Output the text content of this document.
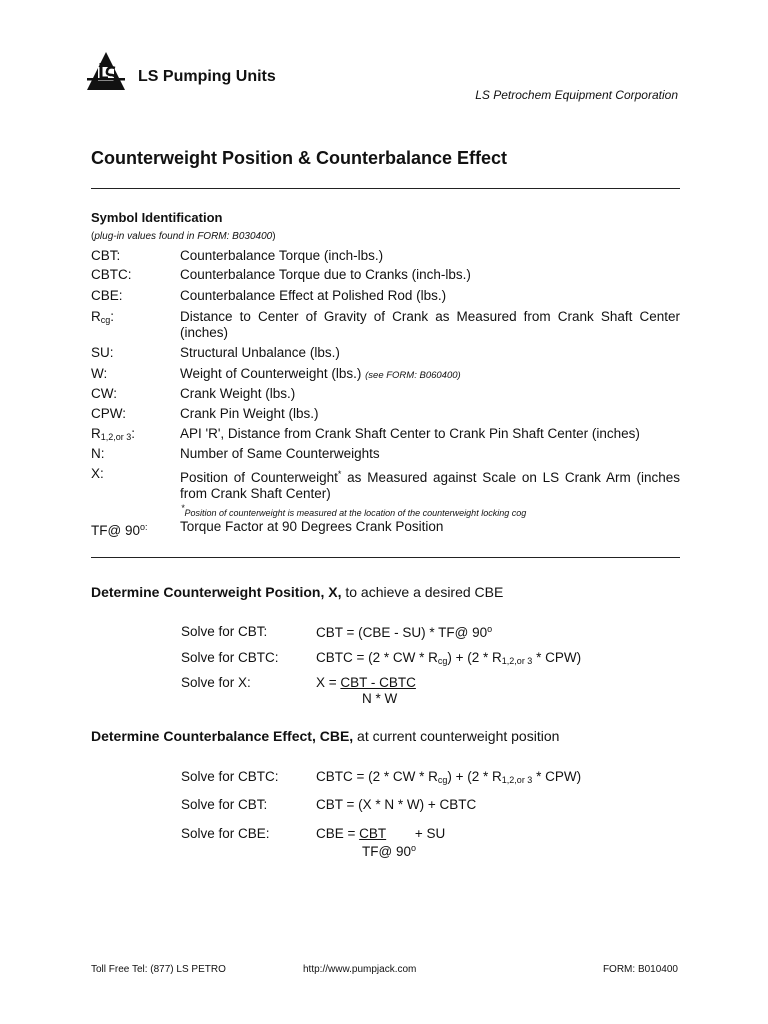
LS Pumping Units
LS Petrochem Equipment Corporation
Counterweight Position & Counterbalance Effect
Symbol Identification
(plug-in values found in FORM: B030400)
CBT:	Counterbalance Torque (inch-lbs.)
CBTC:	Counterbalance Torque due to Cranks (inch-lbs.)
CBE:	Counterbalance Effect at Polished Rod (lbs.)
$R_{cg}$:	Distance to Center of Gravity of Crank as Measured from Crank Shaft Center (inches)
SU:	Structural Unbalance (lbs.)
W:	Weight of Counterweight (lbs.) (see FORM: B060400)
CW:	Crank Weight (lbs.)
CPW:	Crank Pin Weight (lbs.)
$R_{1,2,or 3}$:	API 'R', Distance from Crank Shaft Center to Crank Pin Shaft Center (inches)
N:	Number of Same Counterweights
X:	Position of Counterweight* as Measured against Scale on LS Crank Arm (inches from Crank Shaft Center)
*Position of counterweight is measured at the location of the counterweight locking cog
TF@ $90^{o:}$	Torque Factor at 90 Degrees Crank Position
Determine Counterweight Position, X, to achieve a desired CBE
Solve for CBT:	CBT = (CBE - SU) * TF@ 90$^o$
Solve for CBTC:	CBTC = (2 * CW * $R_{cg}) + (2 * R_{1,2,or 3} * CPW)$
Solve for X:	X = CBT - CBTC
N * W
Determine Counterbalance Effect, CBE, at current counterweight position
Solve for CBTC:	CBTC = (2 * CW * $R_{cg}) + (2 * R_{1,2,or 3} * CPW)$
Solve for CBT:	CBT = (X * N * W) + CBTC
Solve for CBE:	CBE = CBT + SU
TF@ 90$^o$
Toll Free Tel: (877) LS PETRO	http://www.pumpjack.com	FORM: B010400
